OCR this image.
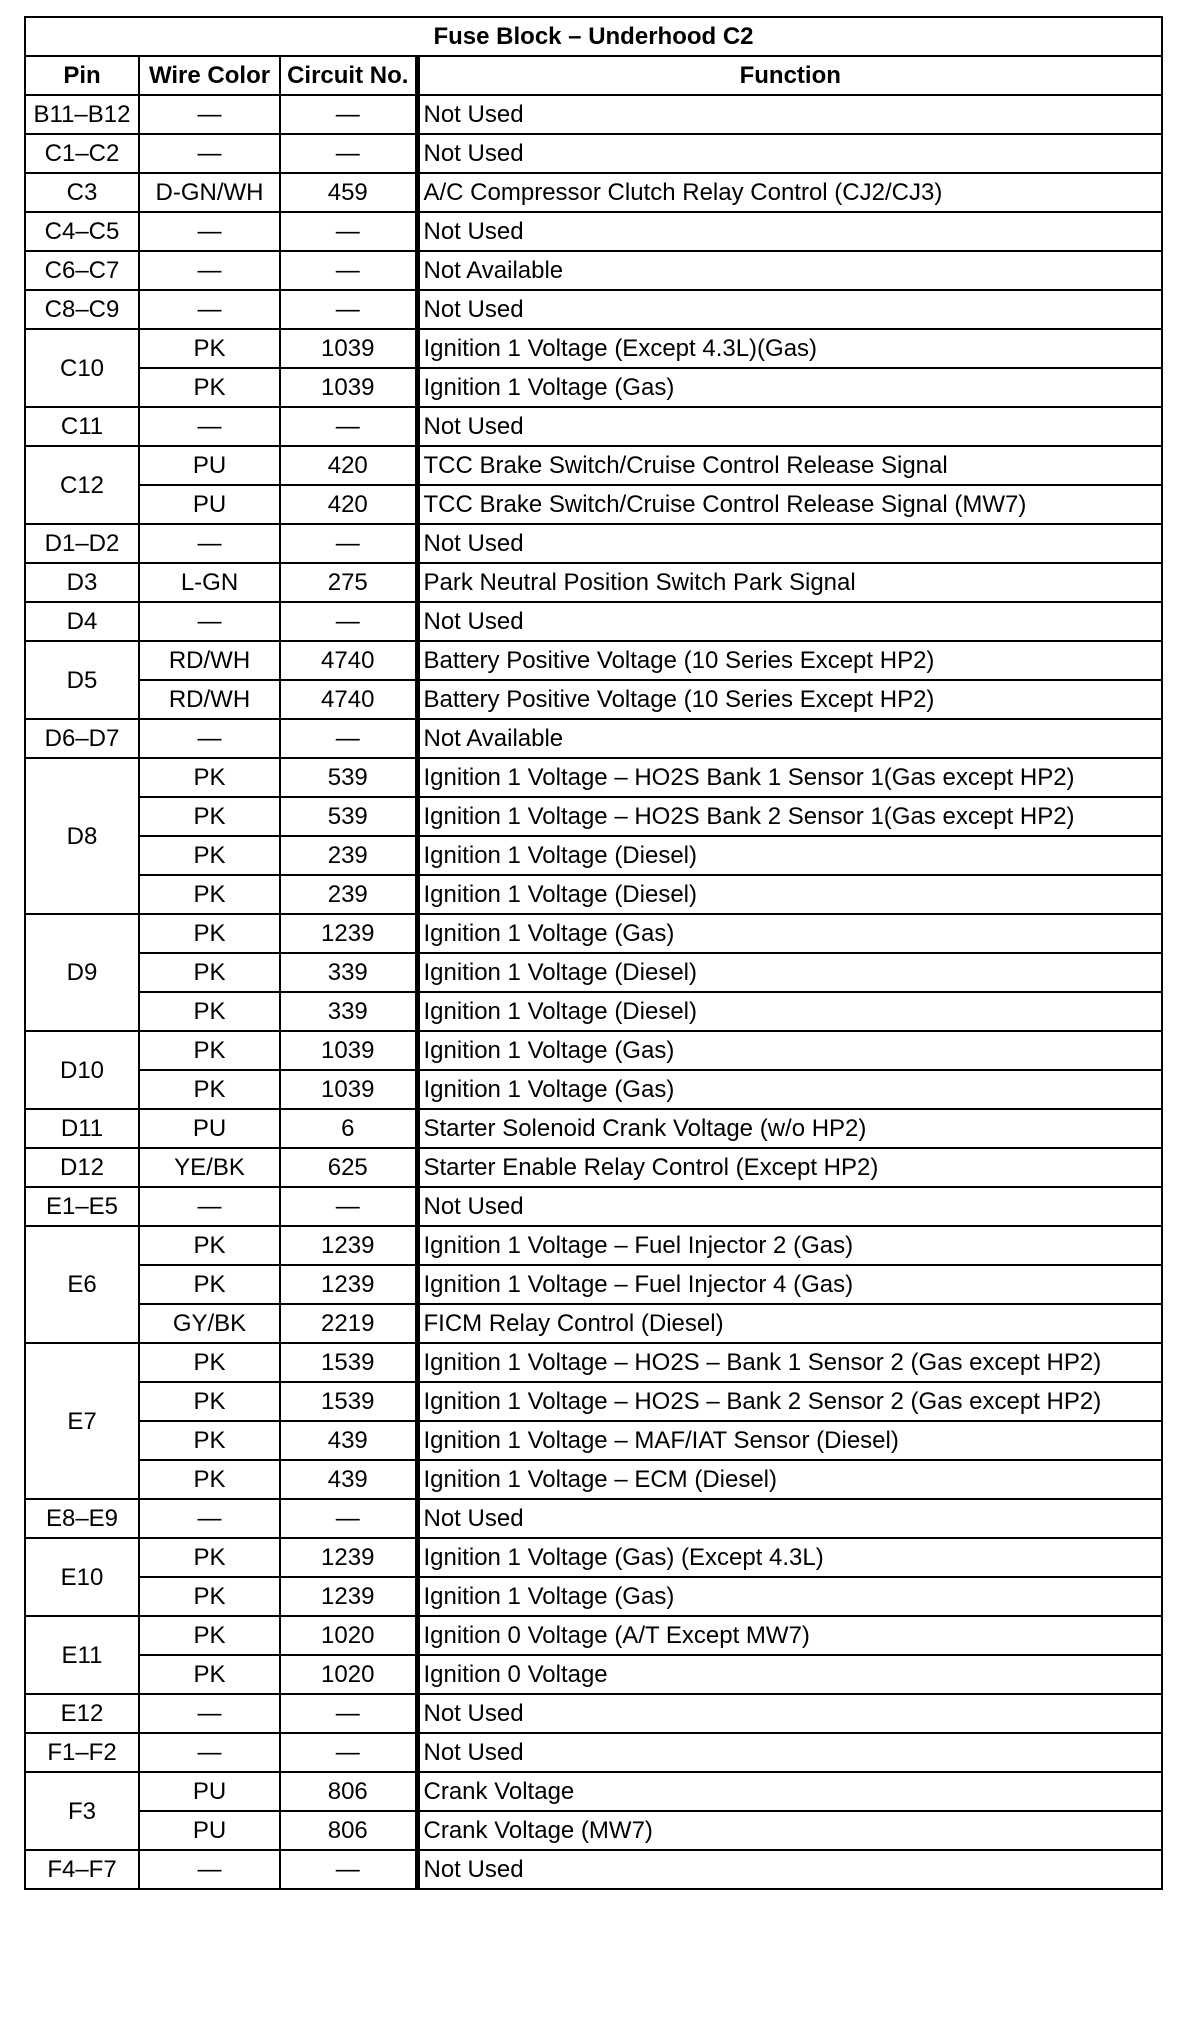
Fuse Block – Underhood C2			
Pin	Wire Color	Circuit No.	Function
B11–B12	—	—	Not Used
C1–C2	—	—	Not Used
C3	D-GN/WH	459	A/C Compressor Clutch Relay Control (CJ2/CJ3)
C4–C5	—	—	Not Used
C6–C7	—	—	Not Available
C8–C9	—	—	Not Used
C10	PK	1039	Ignition 1 Voltage (Except 4.3L)(Gas)
	PK	1039	Ignition 1 Voltage (Gas)
C11	—	—	Not Used
C12	PU	420	TCC Brake Switch/Cruise Control Release Signal
	PU	420	TCC Brake Switch/Cruise Control Release Signal (MW7)
D1–D2	—	—	Not Used
D3	L-GN	275	Park Neutral Position Switch Park Signal
D4	—	—	Not Used
D5	RD/WH	4740	Battery Positive Voltage (10 Series Except HP2)
	RD/WH	4740	Battery Positive Voltage (10 Series Except HP2)
D6–D7	—	—	Not Available
D8	PK	539	Ignition 1 Voltage – HO2S Bank 1 Sensor 1(Gas except HP2)
	PK	539	Ignition 1 Voltage – HO2S Bank 2 Sensor 1(Gas except HP2)
	PK	239	Ignition 1 Voltage (Diesel)
	PK	239	Ignition 1 Voltage (Diesel)
D9	PK	1239	Ignition 1 Voltage (Gas)
	PK	339	Ignition 1 Voltage (Diesel)
	PK	339	Ignition 1 Voltage (Diesel)
D10	PK	1039	Ignition 1 Voltage (Gas)
	PK	1039	Ignition 1 Voltage (Gas)
D11	PU	6	Starter Solenoid Crank Voltage (w/o HP2)
D12	YE/BK	625	Starter Enable Relay Control (Except HP2)
E1–E5	—	—	Not Used
E6	PK	1239	Ignition 1 Voltage – Fuel Injector 2 (Gas)
	PK	1239	Ignition 1 Voltage – Fuel Injector 4 (Gas)
	GY/BK	2219	FICM Relay Control (Diesel)
E7	PK	1539	Ignition 1 Voltage – HO2S – Bank 1 Sensor 2 (Gas except HP2)
	PK	1539	Ignition 1 Voltage – HO2S – Bank 2 Sensor 2 (Gas except HP2)
	PK	439	Ignition 1 Voltage – MAF/IAT Sensor (Diesel)
	PK	439	Ignition 1 Voltage – ECM (Diesel)
E8–E9	—	—	Not Used
E10	PK	1239	Ignition 1 Voltage (Gas) (Except 4.3L)
	PK	1239	Ignition 1 Voltage (Gas)
E11	PK	1020	Ignition 0 Voltage (A/T Except MW7)
	PK	1020	Ignition 0 Voltage
E12	—	—	Not Used
F1–F2	—	—	Not Used
F3	PU	806	Crank Voltage
	PU	806	Crank Voltage (MW7)
F4–F7	—	—	Not Used
